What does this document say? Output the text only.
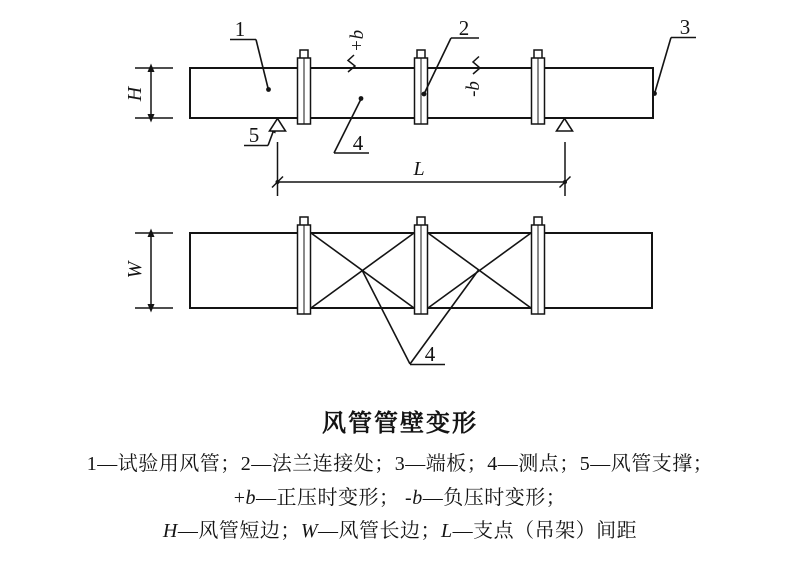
H
+b
-b
1	2	3
4
5
L
W
4
风管管壁变形
1—试验用风管；2—法兰连接处；3—端板；4—测点；5—风管支撑；
+b—正压时变形； -b—负压时变形；
H—风管短边；W—风管长边；L—支点（吊架）间距
